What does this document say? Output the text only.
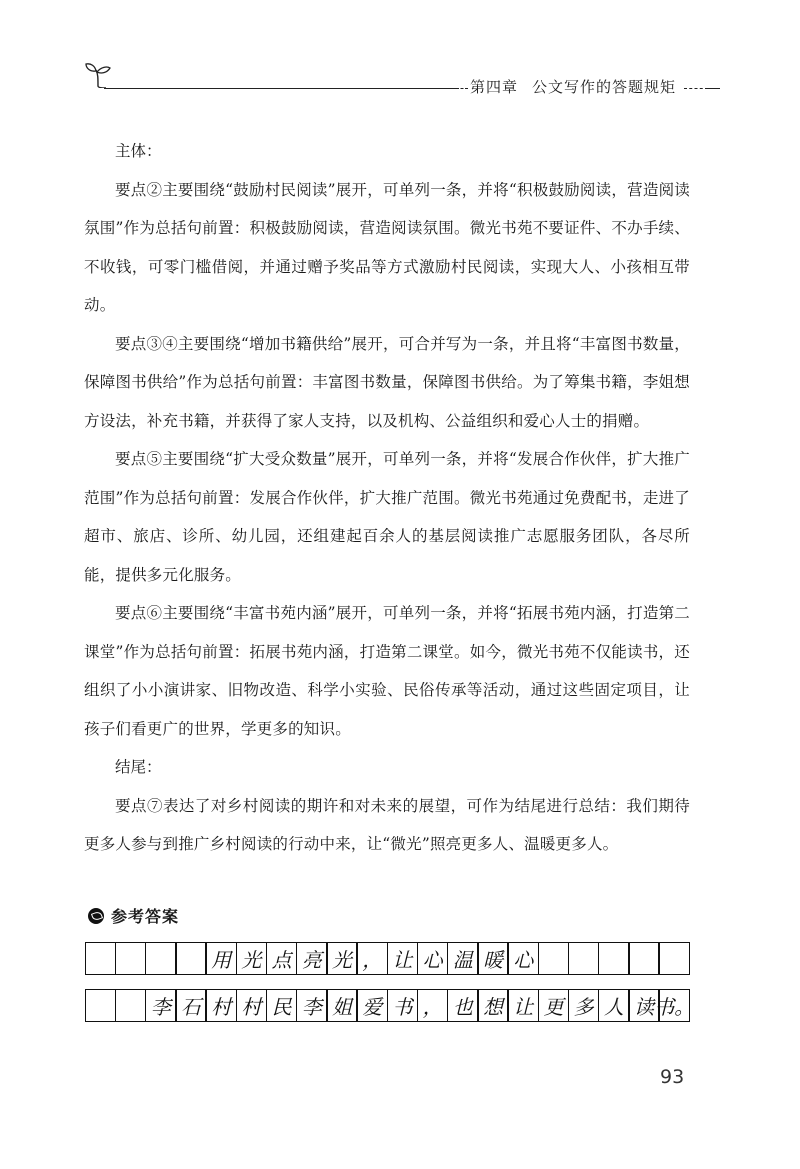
第四章 公文写作的答题规矩

主体：

要点②主要围绕“鼓励村民阅读”展开，可单列一条，并将“积极鼓励阅读，营造阅读氛围”作为总括句前置：积极鼓励阅读，营造阅读氛围。微光书苑不要证件、不办手续、不收钱，可零门槛借阅，并通过赠予奖品等方式激励村民阅读，实现大人、小孩相互带动。

要点③④主要围绕“增加书籍供给”展开，可合并写为一条，并且将“丰富图书数量，保障图书供给”作为总括句前置：丰富图书数量，保障图书供给。为了筹集书籍，李姐想方设法，补充书籍，并获得了家人支持，以及机构、公益组织和爱心人士的捐赠。

要点⑤主要围绕“扩大受众数量”展开，可单列一条，并将“发展合作伙伴，扩大推广范围”作为总括句前置：发展合作伙伴，扩大推广范围。微光书苑通过免费配书，走进了超市、旅店、诊所、幼儿园，还组建起百余人的基层阅读推广志愿服务团队，各尽所能，提供多元化服务。

要点⑥主要围绕“丰富书苑内涵”展开，可单列一条，并将“拓展书苑内涵，打造第二课堂”作为总括句前置：拓展书苑内涵，打造第二课堂。如今，微光书苑不仅能读书，还组织了小小演讲家、旧物改造、科学小实验、民俗传承等活动，通过这些固定项目，让孩子们看更广的世界，学更多的知识。

结尾：

要点⑦表达了对乡村阅读的期许和对未来的展望，可作为结尾进行总结：我们期待更多人参与到推广乡村阅读的行动中来，让“微光”照亮更多人、温暖更多人。

参考答案
用 光 点 亮 光 ， 让 心 温 暖 心
李 石 村 村 民 李 姐 爱 书 ， 也 想 让 更 多 人 读 书。
93
